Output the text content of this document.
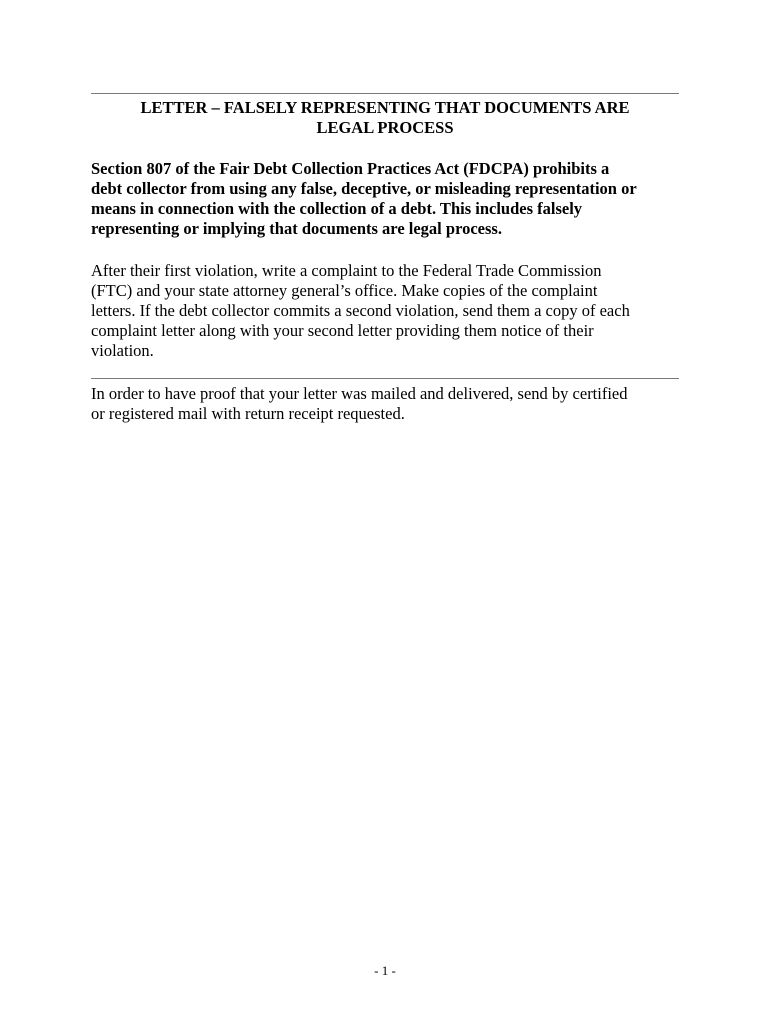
LETTER – FALSELY REPRESENTING THAT DOCUMENTS ARE
LEGAL PROCESS

Section 807 of the Fair Debt Collection Practices Act (FDCPA) prohibits a
debt collector from using any false, deceptive, or misleading representation or
means in connection with the collection of a debt. This includes falsely
representing or implying that documents are legal process.

After their first violation, write a complaint to the Federal Trade Commission
(FTC) and your state attorney general’s office. Make copies of the complaint
letters. If the debt collector commits a second violation, send them a copy of each
complaint letter along with your second letter providing them notice of their
violation.

In order to have proof that your letter was mailed and delivered, send by certified
or registered mail with return receipt requested.

- 1 -
